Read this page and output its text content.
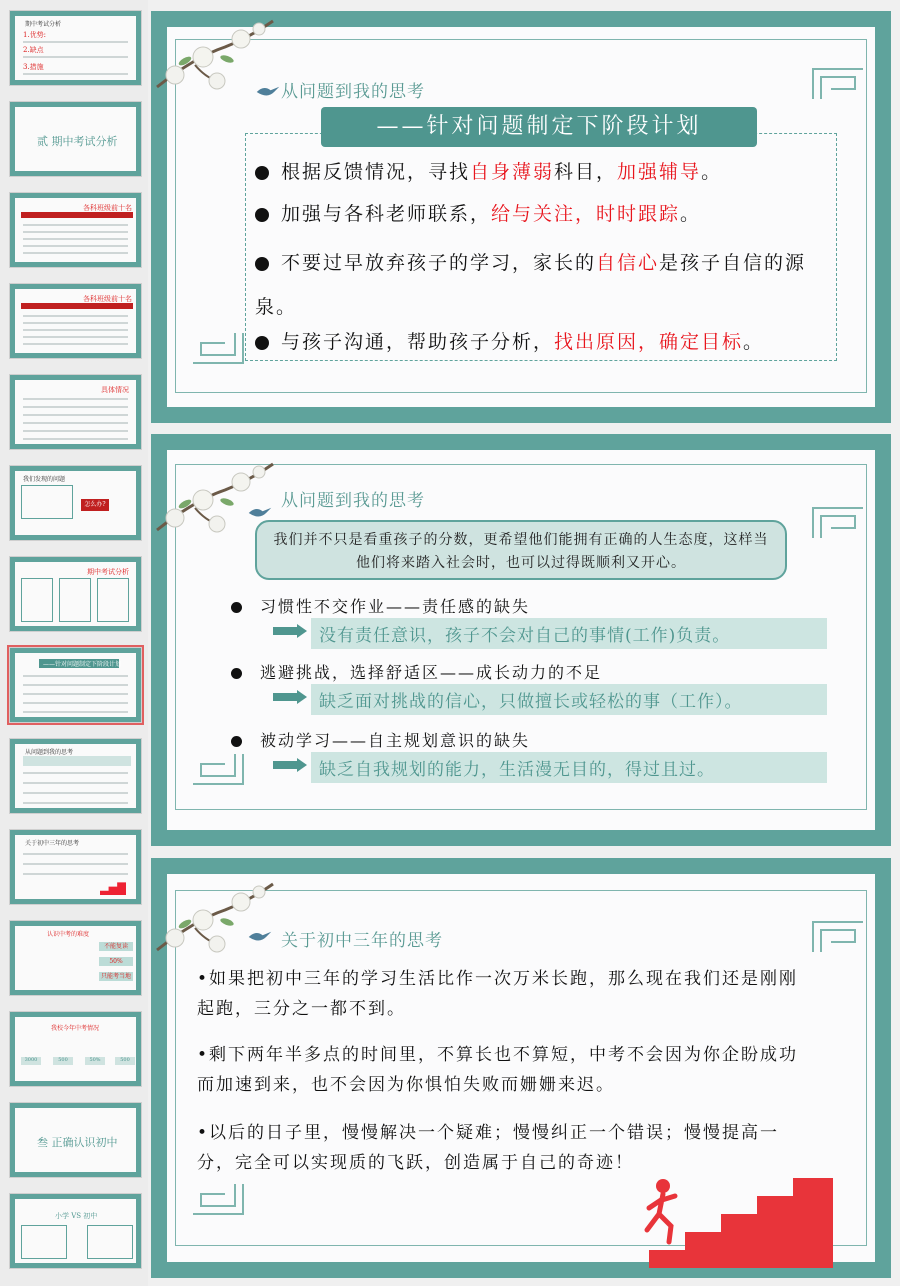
期中考试分析
1.优势:
2.缺点
3.措施
贰 期中考试分析
各科班级前十名
各科班级前十名
具体情况
我们发现的问题
怎么办?
期中考试分析
——针对问题制定下阶段计划
从问题到我的思考
关于初中三年的思考
认识中考的难度
不能复读
50%
只能考当地
我校今年中考情况
3000	500	50%	500
叁 正确认识初中
小学 VS 初中
从问题到我的思考
——针对问题制定下阶段计划
根据反馈情况，寻找自身薄弱科目，加强辅导。
加强与各科老师联系，给与关注，时时跟踪。
不要过早放弃孩子的学习，家长的自信心是孩子自信的源泉。
与孩子沟通，帮助孩子分析，找出原因，确定目标。
从问题到我的思考
我们并不只是看重孩子的分数，更希望他们能拥有正确的人生态度，这样当他们将来踏入社会时，也可以过得既顺利又开心。
习惯性不交作业——责任感的缺失
没有责任意识，孩子不会对自己的事情(工作)负责。
逃避挑战，选择舒适区——成长动力的不足
缺乏面对挑战的信心，只做擅长或轻松的事（工作）。
被动学习——自主规划意识的缺失
缺乏自我规划的能力，生活漫无目的，得过且过。
关于初中三年的思考
•如果把初中三年的学习生活比作一次万米长跑，那么现在我们还是刚刚起跑，三分之一都不到。
•剩下两年半多点的时间里，不算长也不算短，中考不会因为你企盼成功而加速到来，也不会因为你惧怕失败而姗姗来迟。
•以后的日子里，慢慢解决一个疑难；慢慢纠正一个错误；慢慢提高一分，完全可以实现质的飞跃，创造属于自己的奇迹！
